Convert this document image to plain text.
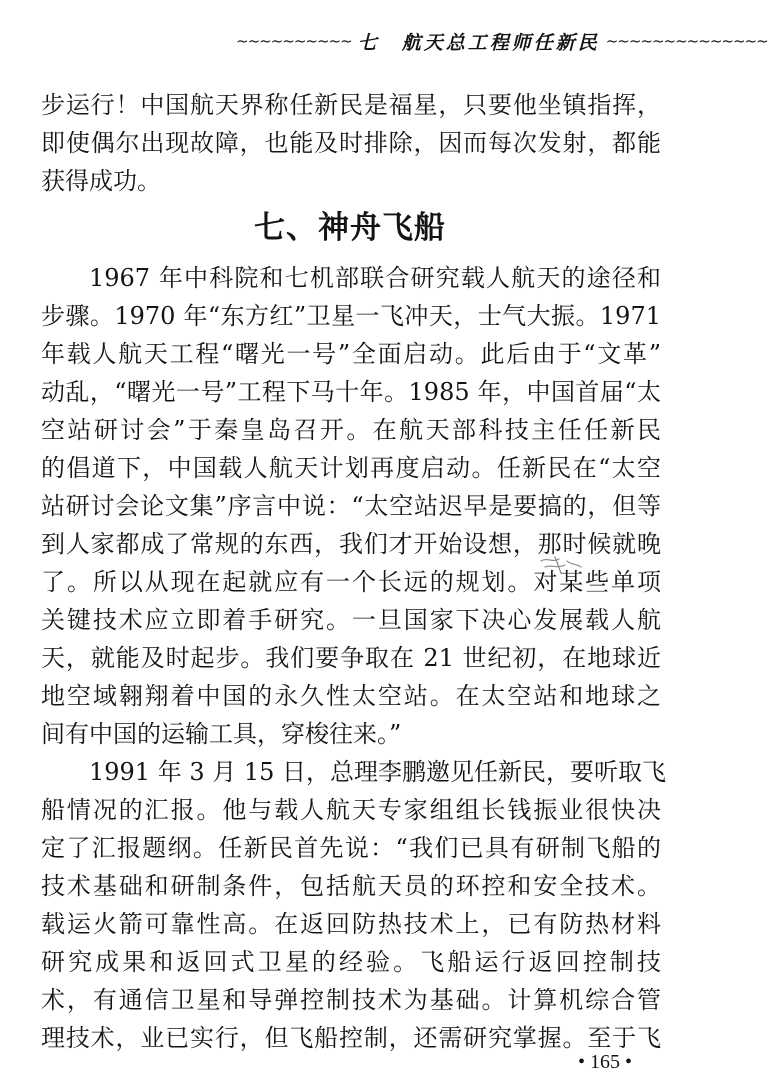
~~~~~~~~~~ 七　航天总工程师任新民 ~~~~~~~~~~~~~~
步运行！中国航天界称任新民是福星，只要他坐镇指挥，
即使偶尔出现故障，也能及时排除，因而每次发射，都能
获得成功。
七、神舟飞船
1967 年中科院和七机部联合研究载人航天的途径和
步骤。1970 年“东方红”卫星一飞冲天，士气大振。1971
年载人航天工程“曙光一号”全面启动。此后由于“文革”
动乱，“曙光一号”工程下马十年。1985 年，中国首届“太
空站研讨会”于秦皇岛召开。在航天部科技主任任新民
的倡道下，中国载人航天计划再度启动。任新民在“太空
站研讨会论文集”序言中说：“太空站迟早是要搞的，但等
到人家都成了常规的东西，我们才开始设想，那时候就晚
了。所以从现在起就应有一个长远的规划。对某些单项
关键技术应立即着手研究。一旦国家下决心发展载人航
天，就能及时起步。我们要争取在 21 世纪初，在地球近
地空域翱翔着中国的永久性太空站。在太空站和地球之
间有中国的运输工具，穿梭往来。”
1991 年 3 月 15 日，总理李鹏邀见任新民，要听取飞
船情况的汇报。他与载人航天专家组组长钱振业很快决
定了汇报题纲。任新民首先说：“我们已具有研制飞船的
技术基础和研制条件，包括航天员的环控和安全技术。
载运火箭可靠性高。在返回防热技术上，已有防热材料
研究成果和返回式卫星的经验。飞船运行返回控制技
术，有通信卫星和导弹控制技术为基础。计算机综合管
理技术，业已实行，但飞船控制，还需研究掌握。至于飞
• 165 •
